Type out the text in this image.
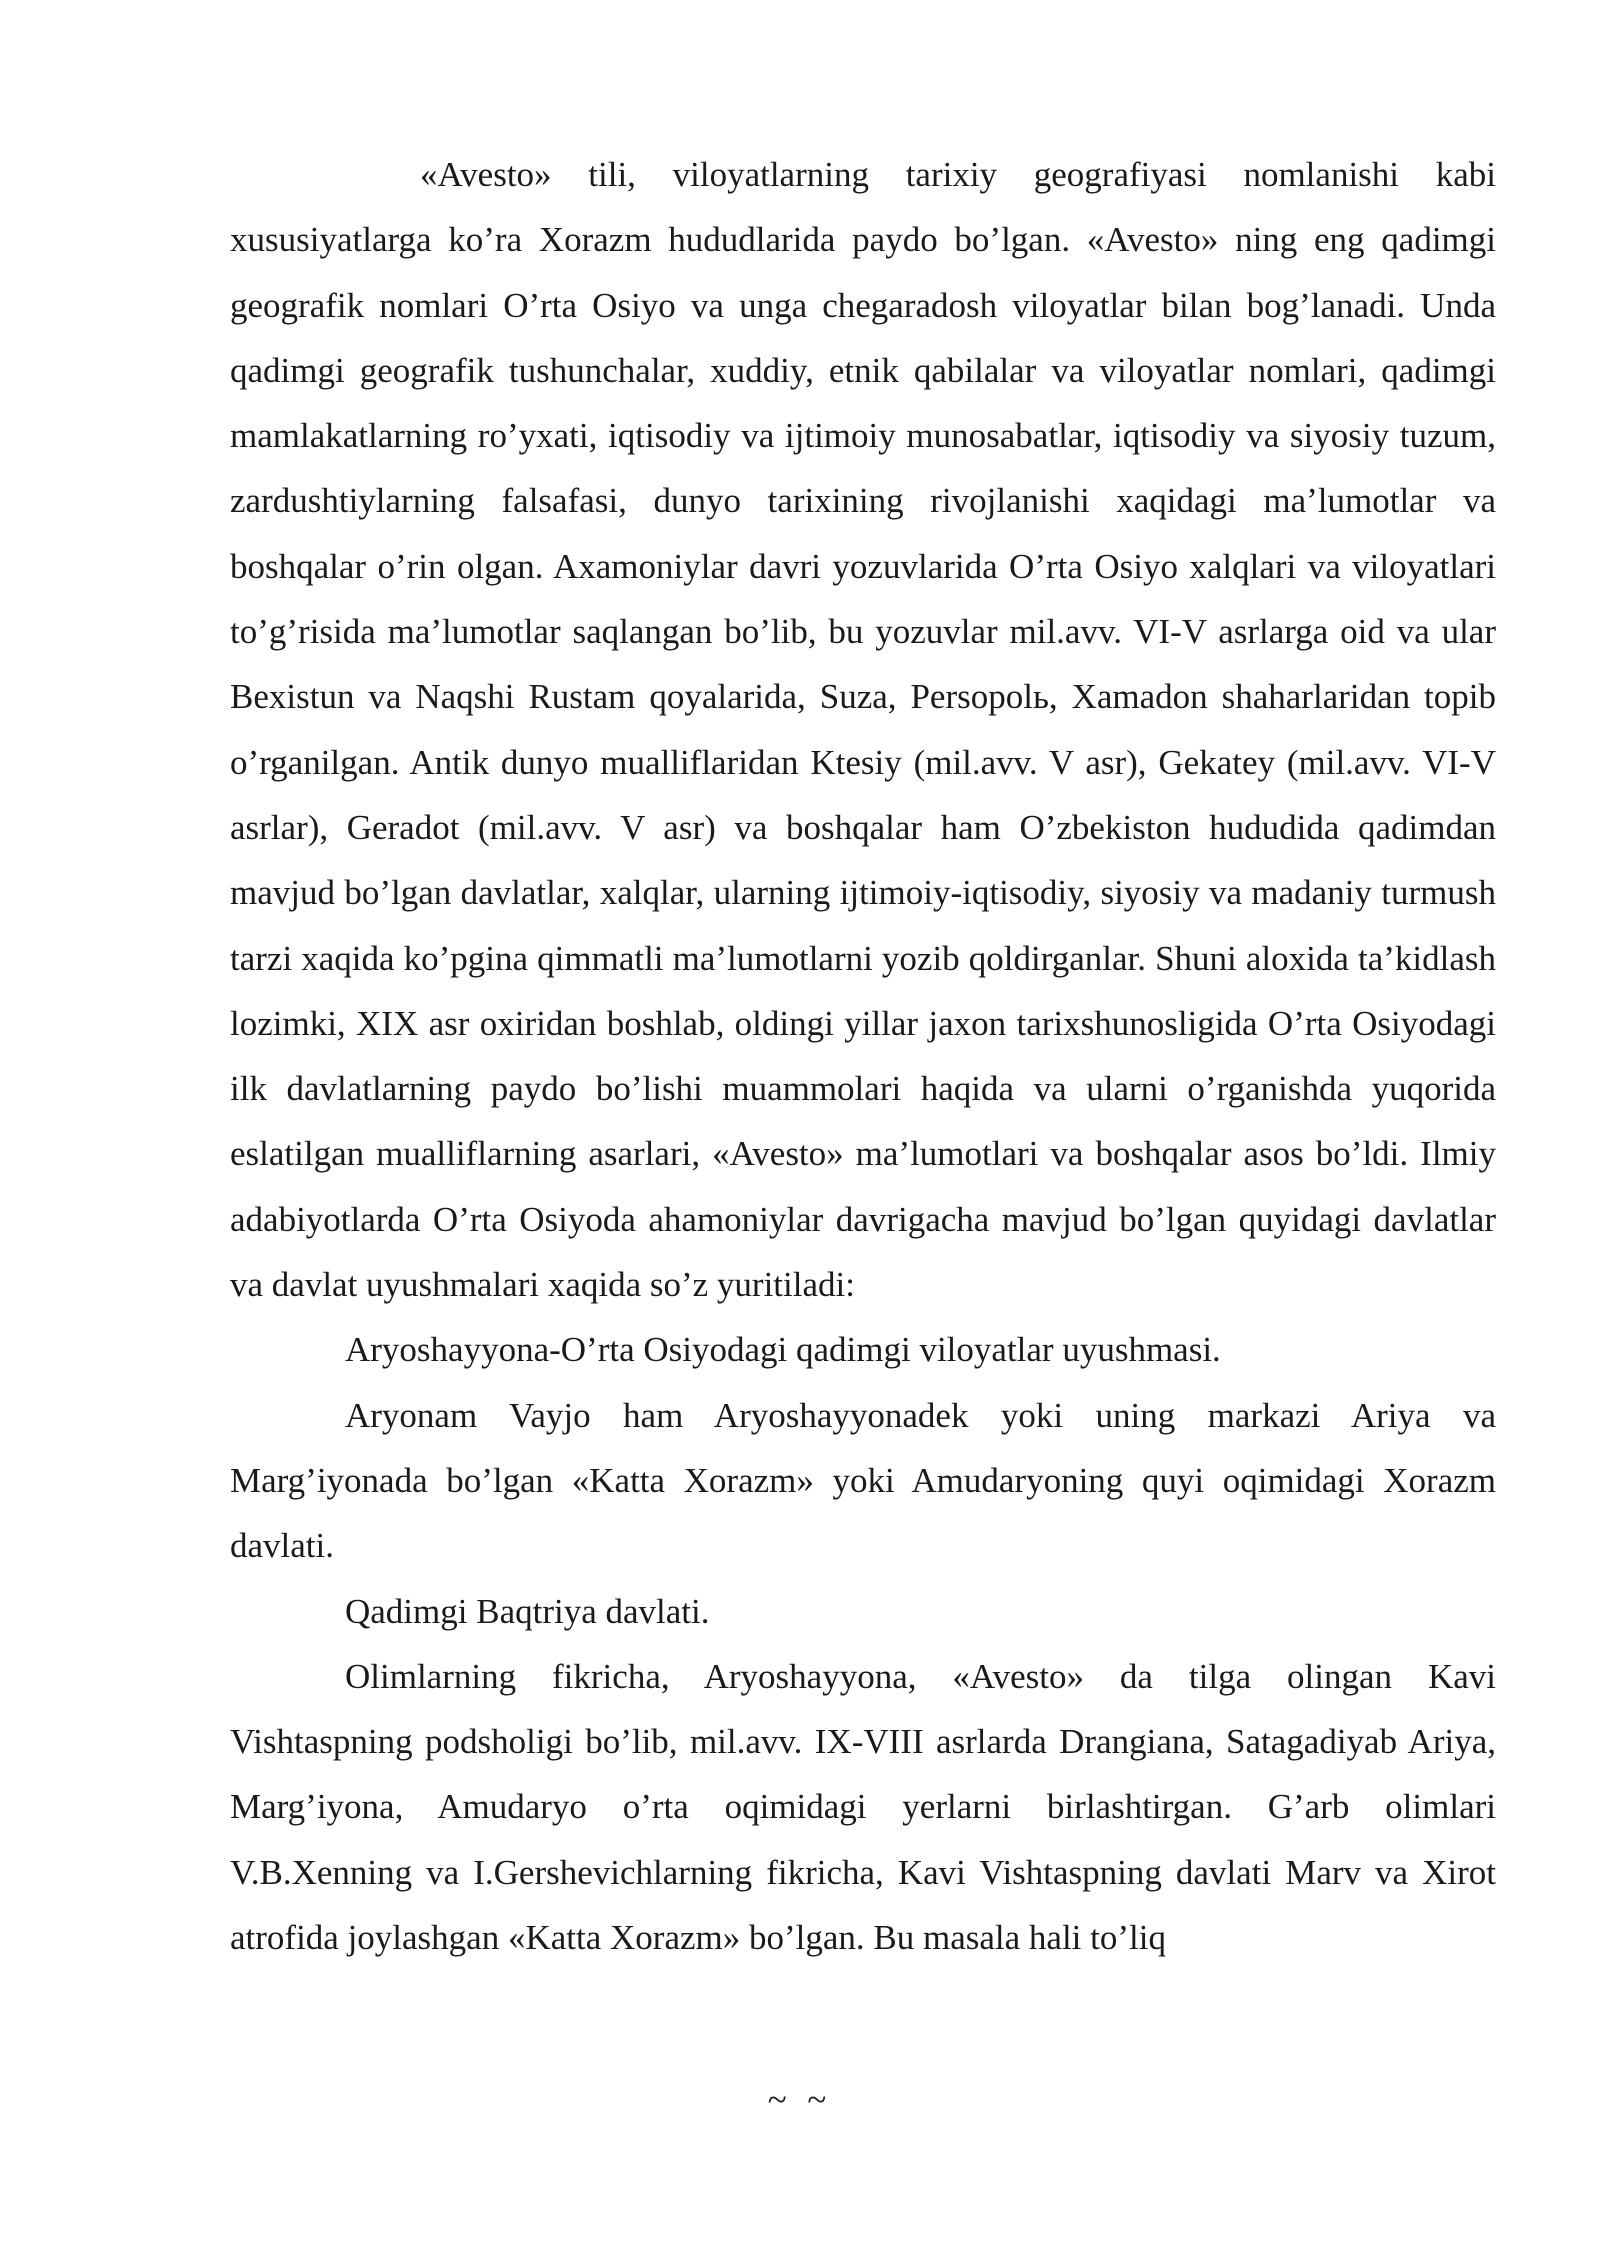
«Avesto» tili, viloyatlarning tarixiy geografiyasi nomlanishi kabi xususiyatlarga ko’ra Xorazm hududlarida paydo bo’lgan. «Avesto» ning eng qadimgi geografik nomlari O’rta Osiyo va unga chegaradosh viloyatlar bilan bog’lanadi. Unda qadimgi geografik tushunchalar, xuddiy, etnik qabilalar va viloyatlar nomlari, qadimgi mamlakatlarning ro’yxati, iqtisodiy va ijtimoiy munosabatlar, iqtisodiy va siyosiy tuzum, zardushtiylarning falsafasi, dunyo tarixining rivojlanishi xaqidagi ma’lumotlar va boshqalar o’rin olgan. Axamoniylar davri yozuvlarida O’rta Osiyo xalqlari va viloyatlari to’g’risida ma’lumotlar saqlangan bo’lib, bu yozuvlar mil.avv. VI-V asrlarga oid va ular Bexistun va Naqshi Rustam qoyalarida, Suza, Persopolь, Xamadon shaharlaridan topib o’rganilgan. Antik dunyo mualliflaridan Ktesiy (mil.avv. V asr), Gekatey (mil.avv. VI-V asrlar), Geradot (mil.avv. V asr) va boshqalar ham O’zbekiston hududida qadimdan mavjud bo’lgan davlatlar, xalqlar, ularning ijtimoiy-iqtisodiy, siyosiy va madaniy turmush tarzi xaqida ko’pgina qimmatli ma’lumotlarni yozib qoldirganlar. Shuni aloxida ta’kidlash lozimki, XIX asr oxiridan boshlab, oldingi yillar jaxon tarixshunosligida O’rta Osiyodagi ilk davlatlarning paydo bo’lishi muammolari haqida va ularni o’rganishda yuqorida eslatilgan mualliflarning asarlari, «Avesto» ma’lumotlari va boshqalar asos bo’ldi. Ilmiy adabiyotlarda O’rta Osiyoda ahamoniylar davrigacha mavjud bo’lgan quyidagi davlatlar va davlat uyushmalari xaqida so’z yuritiladi:

Aryoshayyona-O’rta Osiyodagi qadimgi viloyatlar uyushmasi.

Aryonam Vayjo ham Aryoshayyonadek yoki uning markazi Ariya va Marg’iyonada bo’lgan «Katta Xorazm» yoki Amudaryoning quyi oqimidagi Xorazm davlati.

Qadimgi Baqtriya davlati.

Olimlarning fikricha, Aryoshayyona, «Avesto» da tilga olingan Kavi Vishtaspning podsholigi bo’lib, mil.avv. IX-VIII asrlarda Drangiana, Satagadiyab Ariya, Marg’iyona, Amudaryo o’rta oqimidagi yerlarni birlashtirgan. G’arb olimlari V.B.Xenning va I.Gershevichlarning fikricha, Kavi Vishtaspning davlati Marv va Xirot atrofida joylashgan «Katta Xorazm» bo’lgan. Bu masala hali to’liq

~ ~
